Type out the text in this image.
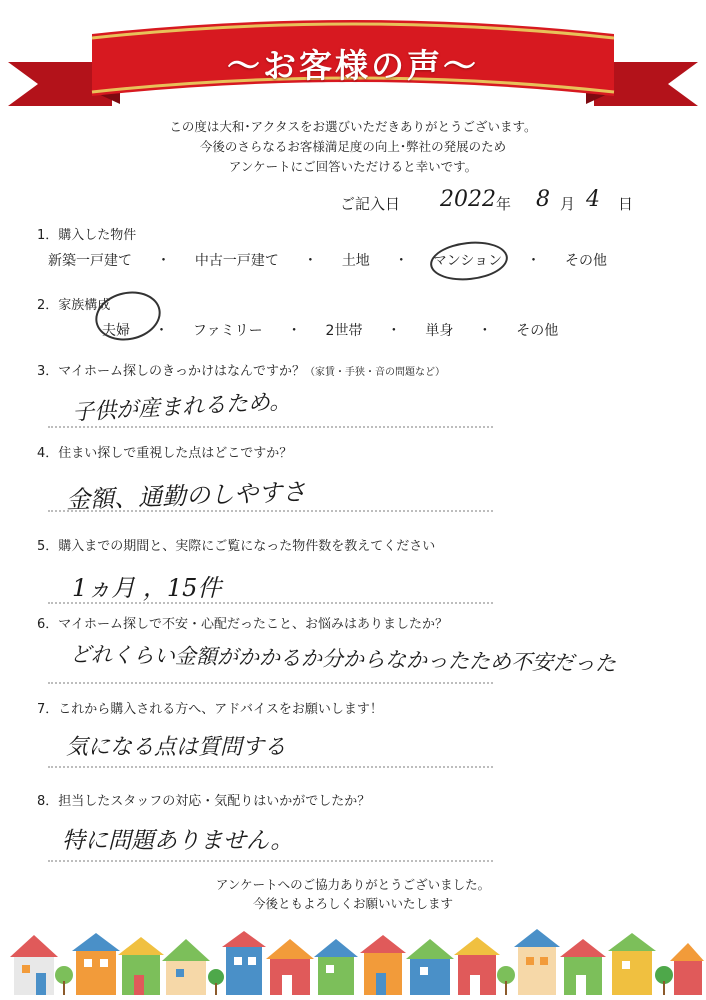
〜お客様の声〜
この度は大和･アクタスをお選びいただきありがとうございます。
今後のさらなるお客様満足度の向上･弊社の発展のため
アンケートにご回答いただけると幸いです。
ご記入日 2022 年 8 月 4 日
1．購入した物件
新築一戸建て ・ 中古一戸建て ・ 土地 ・ マンション ・ その他
2．家族構成
夫婦 ・ ファミリー ・ 2世帯 ・ 単身 ・ その他
3．マイホーム探しのきっかけはなんですか？（家賃・手狭・音の問題など）
子供が産まれるため。
4．住まい探しで重視した点はどこですか？
金額、通勤のしやすさ
5．購入までの期間と、実際にご覧になった物件数を教えてください
1ヵ月 ，15件
6．マイホーム探しで不安・心配だったこと、お悩みはありましたか？
どれくらい金額がかかるか分からなかったため不安だった
7．これから購入される方へ、アドバイスをお願いします！
気になる点は質問する
8．担当したスタッフの対応・気配りはいかがでしたか？
特に問題ありません。
アンケートへのご協力ありがとうございました。
今後ともよろしくお願いいたします
